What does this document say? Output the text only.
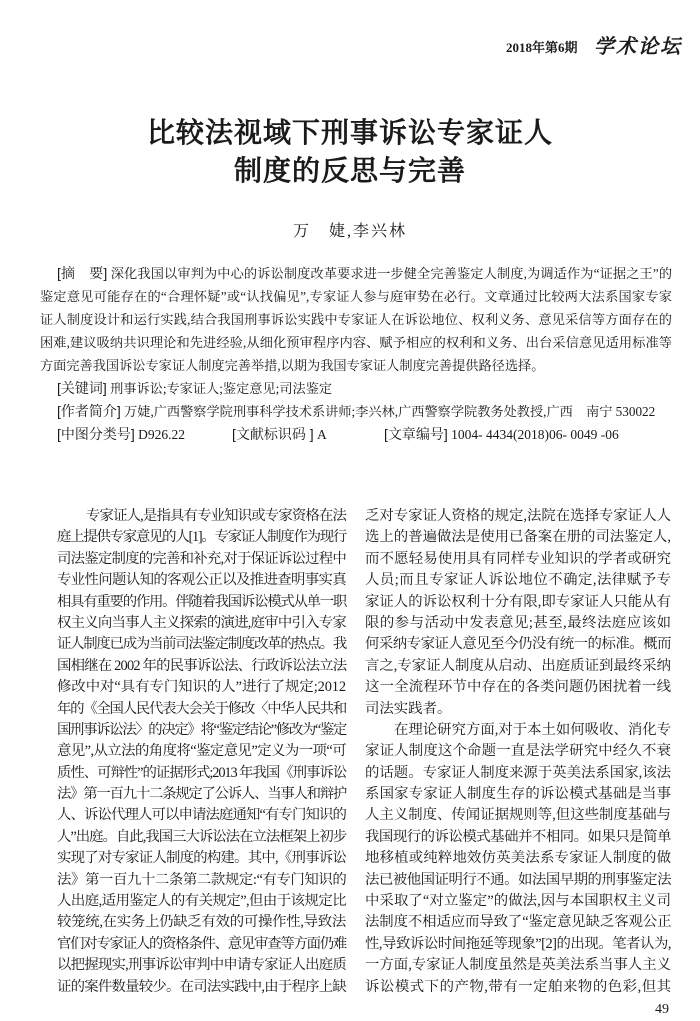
2018年第6期 学术论坛
比较法视域下刑事诉讼专家证人
制度的反思与完善
万　婕,李兴林

[摘　要] 深化我国以审判为中心的诉讼制度改革要求进一步健全完善鉴定人制度,为调适作为“证据之王”的鉴定意见可能存在的“合理怀疑”或“认找偏见”,专家证人参与庭审势在必行。文章通过比较两大法系国家专家证人制度设计和运行实践,结合我国刑事诉讼实践中专家证人在诉讼地位、权利义务、意见采信等方面存在的困难,建议吸纳共识理论和先进经验,从细化预审程序内容、赋予相应的权利和义务、出台采信意见适用标准等方面完善我国诉讼专家证人制度完善举措,以期为我国专家证人制度完善提供路径选择。

[关键词] 刑事诉讼;专家证人;鉴定意见;司法鉴定

[作者简介] 万婕,广西警察学院刑事科学技术系讲师;李兴林,广西警察学院教务处教授,广西　南宁 530022

[中图分类号] D926.22	[文献标识码 ] A	[文章编号] 1004- 4434(2018)06- 0049 -06
专家证人,是指具有专业知识或专家资格在法
庭上提供专家意见的人[1]。专家证人制度作为现行
司法鉴定制度的完善和补充,对于保证诉讼过程中
专业性问题认知的客观公正以及推进查明事实真
相具有重要的作用。伴随着我国诉讼模式从单一职
权主义向当事人主义探索的演进,庭审中引入专家
证人制度已成为当前司法鉴定制度改革的热点。我
国相继在 2002 年的民事诉讼法、行政诉讼法立法
修改中对“具有专门知识的人”进行了规定;2012
年的《全国人民代表大会关于修改〈中华人民共和
国刑事诉讼法〉的决定》将“鉴定结论”修改为“鉴定
意见”,从立法的角度将“鉴定意见”定义为一项“可
质性、可辩性”的证据形式;2013 年我国《刑事诉讼
法》第一百九十二条规定了公诉人、当事人和辩护
人、诉讼代理人可以申请法庭通知“有专门知识的
人”出庭。自此,我国三大诉讼法在立法框架上初步
实现了对专家证人制度的构建。其中,《刑事诉讼
法》第一百九十二条第二款规定:“有专门知识的
人出庭,适用鉴定人的有关规定”,但由于该规定比
较笼统,在实务上仍缺乏有效的可操作性,导致法
官们对专家证人的资格条件、意见审查等方面仍难
以把握现实,刑事诉讼审判中申请专家证人出庭质
证的案件数量较少。在司法实践中,由于程序上缺
乏对专家证人资格的规定,法院在选择专家证人人
选上的普遍做法是使用已备案在册的司法鉴定人,
而不愿轻易使用具有同样专业知识的学者或研究
人员;而且专家证人诉讼地位不确定,法律赋予专
家证人的诉讼权利十分有限,即专家证人只能从有
限的参与活动中发表意见;甚至,最终法庭应该如
何采纳专家证人意见至今仍没有统一的标准。概而
言之,专家证人制度从启动、出庭质证到最终采纳
这一全流程环节中存在的各类问题仍困扰着一线
司法实践者。
在理论研究方面,对于本土如何吸收、消化专
家证人制度这个命题一直是法学研究中经久不衰
的话题。专家证人制度来源于英美法系国家,该法
系国家专家证人制度生存的诉讼模式基础是当事
人主义制度、传闻证据规则等,但这些制度基础与
我国现行的诉讼模式基础并不相同。如果只是简单
地移植或纯粹地效仿英美法系专家证人制度的做
法已被他国证明行不通。如法国早期的刑事鉴定法
中采取了“对立鉴定”的做法,因与本国职权主义司
法制度不相适应而导致了“鉴定意见缺乏客观公正
性,导致诉讼时间拖延等现象”[2]的出现。笔者认为,
一方面,专家证人制度虽然是英美法系当事人主义
诉讼模式下的产物,带有一定舶来物的色彩,但其
49
